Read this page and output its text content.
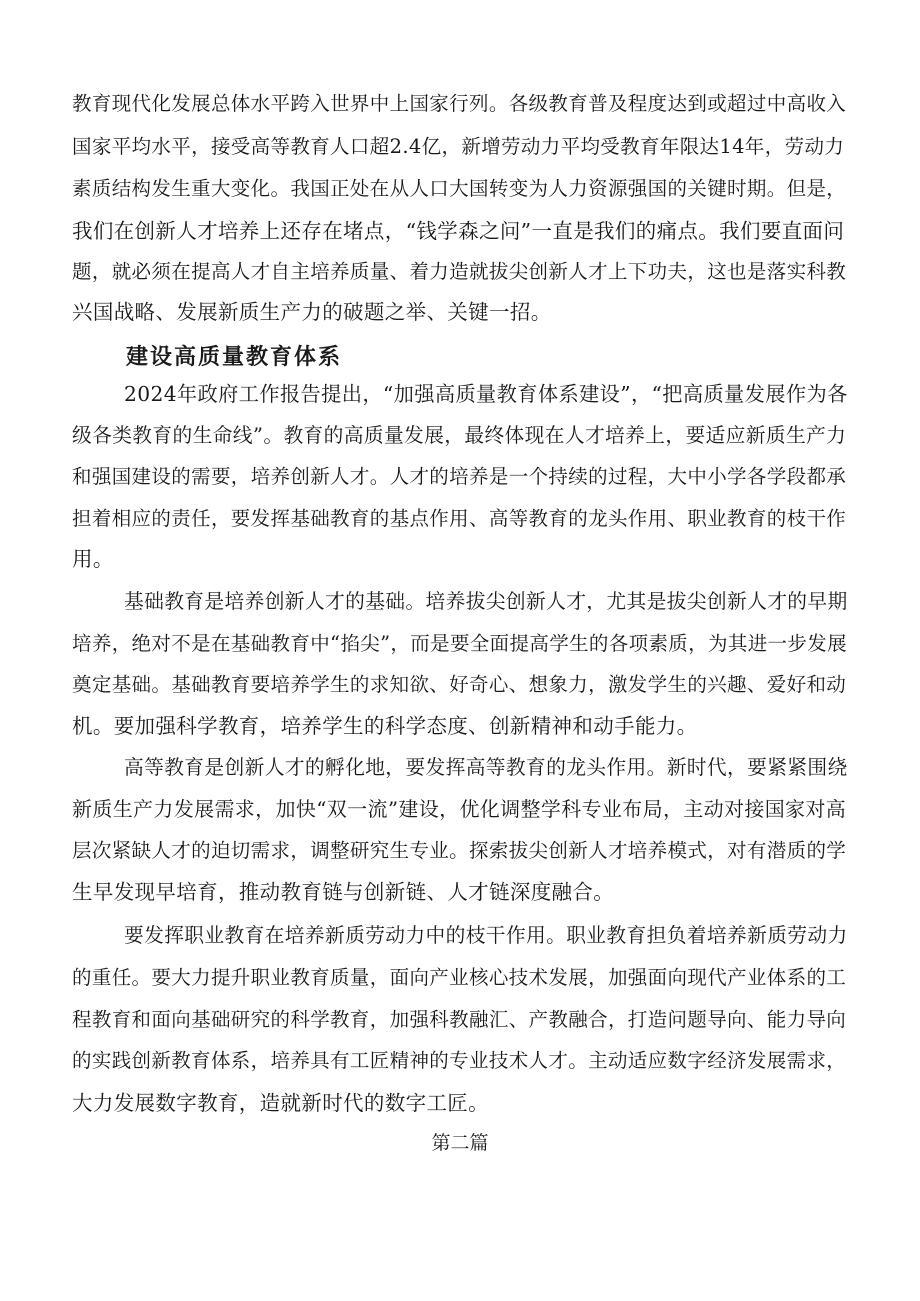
教育现代化发展总体水平跨入世界中上国家行列。各级教育普及程度达到或超过中高收入
国家平均水平，接受高等教育人口超2.4亿，新增劳动力平均受教育年限达14年，劳动力
素质结构发生重大变化。我国正处在从人口大国转变为人力资源强国的关键时期。但是，
我们在创新人才培养上还存在堵点，“钱学森之问”一直是我们的痛点。我们要直面问
题，就必须在提高人才自主培养质量、着力造就拔尖创新人才上下功夫，这也是落实科教
兴国战略、发展新质生产力的破题之举、关键一招。
建设高质量教育体系
2024年政府工作报告提出，“加强高质量教育体系建设”，“把高质量发展作为各
级各类教育的生命线”。教育的高质量发展，最终体现在人才培养上，要适应新质生产力
和强国建设的需要，培养创新人才。人才的培养是一个持续的过程，大中小学各学段都承
担着相应的责任，要发挥基础教育的基点作用、高等教育的龙头作用、职业教育的枝干作
用。
基础教育是培养创新人才的基础。培养拔尖创新人才，尤其是拔尖创新人才的早期
培养，绝对不是在基础教育中“掐尖”，而是要全面提高学生的各项素质，为其进一步发展
奠定基础。基础教育要培养学生的求知欲、好奇心、想象力，激发学生的兴趣、爱好和动
机。要加强科学教育，培养学生的科学态度、创新精神和动手能力。
高等教育是创新人才的孵化地，要发挥高等教育的龙头作用。新时代，要紧紧围绕
新质生产力发展需求，加快“双一流”建设，优化调整学科专业布局，主动对接国家对高
层次紧缺人才的迫切需求，调整研究生专业。探索拔尖创新人才培养模式，对有潜质的学
生早发现早培育，推动教育链与创新链、人才链深度融合。
要发挥职业教育在培养新质劳动力中的枝干作用。职业教育担负着培养新质劳动力
的重任。要大力提升职业教育质量，面向产业核心技术发展，加强面向现代产业体系的工
程教育和面向基础研究的科学教育，加强科教融汇、产教融合，打造问题导向、能力导向
的实践创新教育体系，培养具有工匠精神的专业技术人才。主动适应数字经济发展需求，
大力发展数字教育，造就新时代的数字工匠。
第二篇
